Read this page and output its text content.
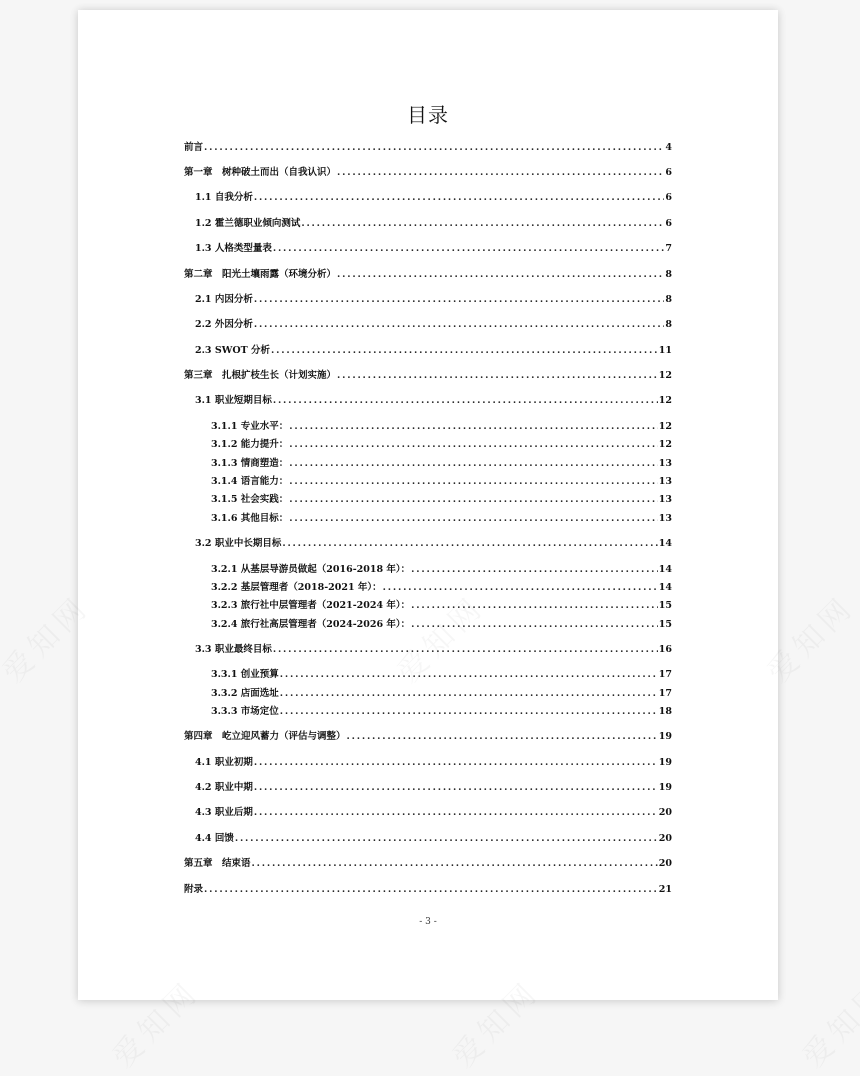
目录
前言 .....	4
第一章　树种破土而出（自我认识） .....	6
1.1 自我分析 .....	6
1.2 霍兰德职业倾向测试 .....	6
1.3 人格类型量表 .....	7
第二章　阳光土壤雨露（环境分析） .....	8
2.1 内因分析 .....	8
2.2 外因分析 .....	8
2.3 SWOT 分析 .....	11
第三章　扎根扩枝生长（计划实施） .....	12
3.1 职业短期目标 .....	12
3.1.1 专业水平： .....	12
3.1.2 能力提升： .....	12
3.1.3 情商塑造： .....	13
3.1.4 语言能力： .....	13
3.1.5 社会实践： .....	13
3.1.6 其他目标： .....	13
3.2 职业中长期目标 .....	14
3.2.1 从基层导游员做起（2016-2018 年）： .....	14
3.2.2 基层管理者（2018-2021 年）： .....	14
3.2.3 旅行社中层管理者（2021-2024 年）： .....	15
3.2.4 旅行社高层管理者（2024-2026 年）： .....	15
3.3 职业最终目标 .....	16
3.3.1 创业预算 .....	17
3.3.2 店面选址 .....	17
3.3.3 市场定位 .....	18
第四章　屹立迎风蓄力（评估与调整） .....	19
4.1 职业初期 .....	19
4.2 职业中期 .....	19
4.3 职业后期 .....	20
4.4 回馈 .....	20
第五章　结束语 .....	20
附录 .....	21
- 3 -
